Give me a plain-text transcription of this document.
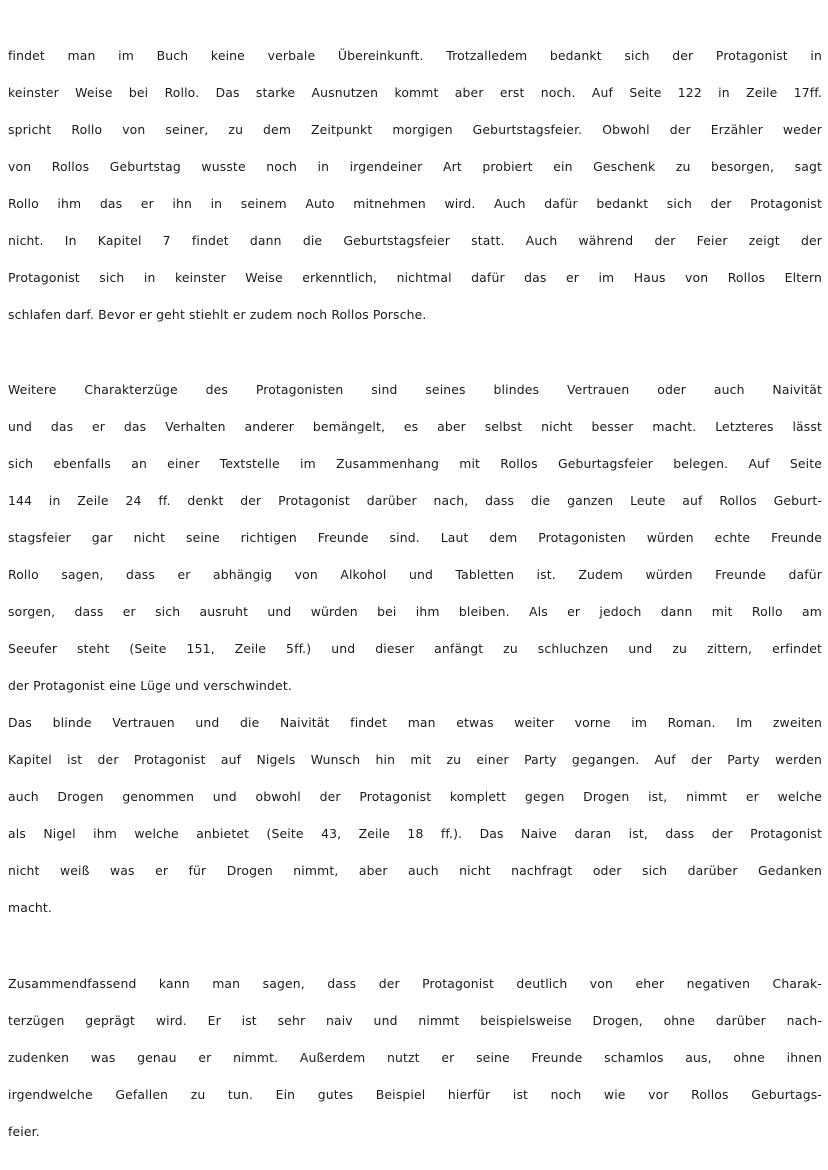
findet man im Buch keine verbale Übereinkunft. Trotzalledem bedankt sich der Protagonist in
keinster Weise bei Rollo. Das starke Ausnutzen kommt aber erst noch. Auf Seite 122 in Zeile 17ff.
spricht Rollo von seiner, zu dem Zeitpunkt morgigen Geburtstagsfeier. Obwohl der Erzähler weder
von Rollos Geburtstag wusste noch in irgendeiner Art probiert ein Geschenk zu besorgen, sagt
Rollo ihm das er ihn in seinem Auto mitnehmen wird. Auch dafür bedankt sich der Protagonist
nicht. In Kapitel 7 findet dann die Geburtstagsfeier statt. Auch während der Feier zeigt der
Protagonist sich in keinster Weise erkenntlich, nichtmal dafür das er im Haus von Rollos Eltern
schlafen darf. Bevor er geht stiehlt er zudem noch Rollos Porsche.
Weitere Charakterzüge des Protagonisten sind seines blindes Vertrauen oder auch Naivität
und das er das Verhalten anderer bemängelt, es aber selbst nicht besser macht. Letzteres lässt
sich ebenfalls an einer Textstelle im Zusammenhang mit Rollos Geburtagsfeier belegen. Auf Seite
144 in Zeile 24 ff. denkt der Protagonist darüber nach, dass die ganzen Leute auf Rollos Geburt-
stagsfeier gar nicht seine richtigen Freunde sind. Laut dem Protagonisten würden echte Freunde
Rollo sagen, dass er abhängig von Alkohol und Tabletten ist. Zudem würden Freunde dafür
sorgen, dass er sich ausruht und würden bei ihm bleiben. Als er jedoch dann mit Rollo am
Seeufer steht (Seite 151, Zeile 5ff.) und dieser anfängt zu schluchzen und zu zittern, erfindet
der Protagonist eine Lüge und verschwindet.
Das blinde Vertrauen und die Naivität findet man etwas weiter vorne im Roman. Im zweiten
Kapitel ist der Protagonist auf Nigels Wunsch hin mit zu einer Party gegangen. Auf der Party werden
auch Drogen genommen und obwohl der Protagonist komplett gegen Drogen ist, nimmt er welche
als Nigel ihm welche anbietet (Seite 43, Zeile 18 ff.). Das Naive daran ist, dass der Protagonist
nicht weiß was er für Drogen nimmt, aber auch nicht nachfragt oder sich darüber Gedanken
macht.
Zusammendfassend kann man sagen, dass der Protagonist deutlich von eher negativen Charak-
terzügen geprägt wird. Er ist sehr naiv und nimmt beispielsweise Drogen, ohne darüber nach-
zudenken was genau er nimmt. Außerdem nutzt er seine Freunde schamlos aus, ohne ihnen
irgendwelche Gefallen zu tun. Ein gutes Beispiel hierfür ist noch wie vor Rollos Geburtags-
feier.
